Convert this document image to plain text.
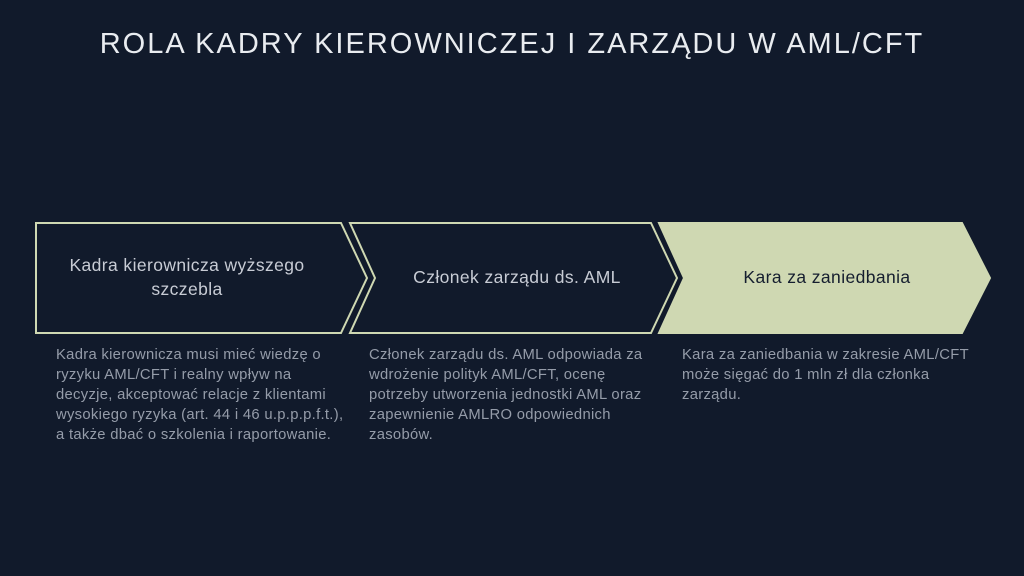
ROLA KADRY KIEROWNICZEJ I ZARZĄDU W AML/CFT
Kadra kierownicza wyższego szczebla
Członek zarządu ds. AML	Kara za zaniedbania
Kadra kierownicza musi mieć wiedzę o ryzyku AML/CFT i realny wpływ na decyzje, akceptować relacje z klientami wysokiego ryzyka (art. 44 i 46 u.p.p.p.f.t.), a także dbać o szkolenia i raportowanie.
Członek zarządu ds. AML odpowiada za wdrożenie polityk AML/CFT, ocenę potrzeby utworzenia jednostki AML oraz zapewnienie AMLRO odpowiednich zasobów.
Kara za zaniedbania w zakresie AML/CFT może sięgać do 1 mln zł dla członka zarządu.
